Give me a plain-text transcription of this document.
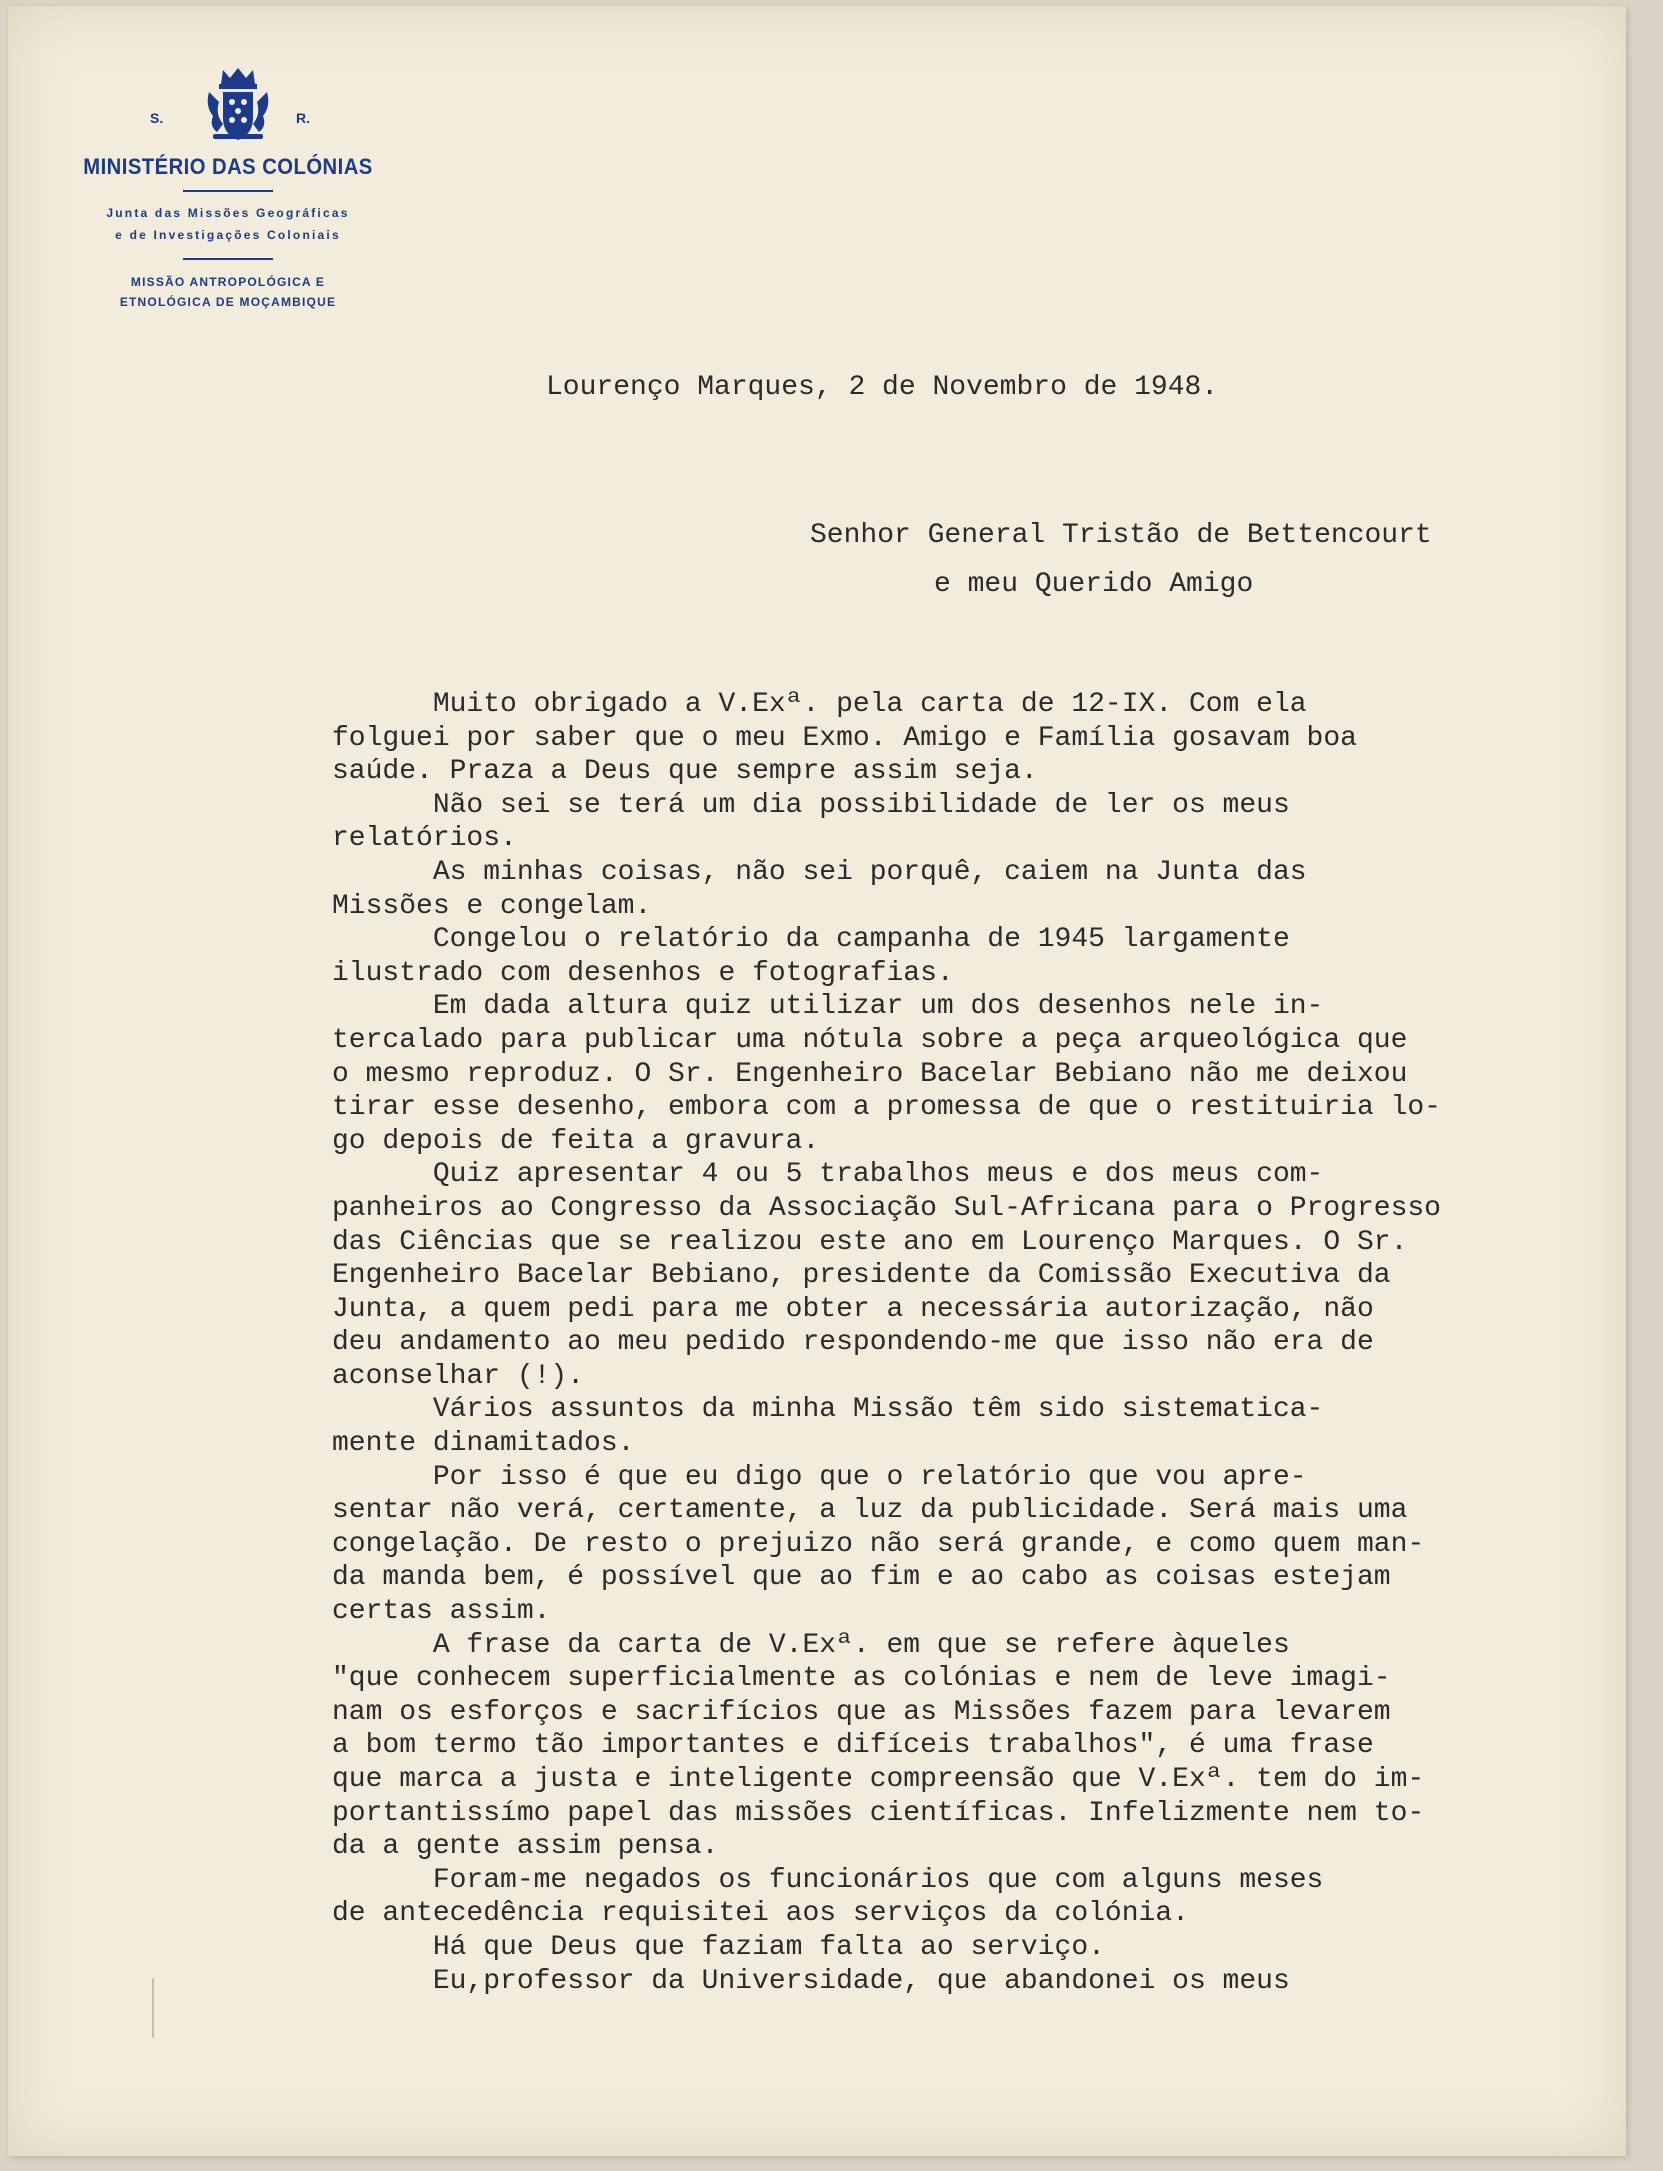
S.	R.
MINISTÉRIO DAS COLÓNIAS
Junta das Missões Geográficas
e de Investigações Coloniais
MISSÃO ANTROPOLÓGICA E
ETNOLÓGICA DE MOÇAMBIQUE
Lourenço Marques, 2 de Novembro de 1948.
Senhor General Tristão de Bettencourt
e meu Querido Amigo
Muito obrigado a V.Exª. pela carta de 12-IX. Com ela
folguei por saber que o meu Exmo. Amigo e Família gosavam boa
saúde. Praza a Deus que sempre assim seja.
Não sei se terá um dia possibilidade de ler os meus
relatórios.
As minhas coisas, não sei porquê, caiem na Junta das
Missões e congelam.
Congelou o relatório da campanha de 1945 largamente
ilustrado com desenhos e fotografias.
Em dada altura quiz utilizar um dos desenhos nele in-
tercalado para publicar uma nótula sobre a peça arqueológica que
o mesmo reproduz. O Sr. Engenheiro Bacelar Bebiano não me deixou
tirar esse desenho, embora com a promessa de que o restituiria lo-
go depois de feita a gravura.
Quiz apresentar 4 ou 5 trabalhos meus e dos meus com-
panheiros ao Congresso da Associação Sul-Africana para o Progresso
das Ciências que se realizou este ano em Lourenço Marques. O Sr.
Engenheiro Bacelar Bebiano, presidente da Comissão Executiva da
Junta, a quem pedi para me obter a necessária autorização, não
deu andamento ao meu pedido respondendo-me que isso não era de
aconselhar (!).
Vários assuntos da minha Missão têm sido sistematica-
mente dinamitados.
Por isso é que eu digo que o relatório que vou apre-
sentar não verá, certamente, a luz da publicidade. Será mais uma
congelação. De resto o prejuizo não será grande, e como quem man-
da manda bem, é possível que ao fim e ao cabo as coisas estejam
certas assim.
A frase da carta de V.Exª. em que se refere àqueles
"que conhecem superficialmente as colónias e nem de leve imagi-
nam os esforços e sacrifícios que as Missões fazem para levarem
a bom termo tão importantes e difíceis trabalhos", é uma frase
que marca a justa e inteligente compreensão que V.Exª. tem do im-
portantissímo papel das missões científicas. Infelizmente nem to-
da a gente assim pensa.
Foram-me negados os funcionários que com alguns meses
de antecedência requisitei aos serviços da colónia.
Há que Deus que faziam falta ao serviço.
Eu,professor da Universidade, que abandonei os meus
